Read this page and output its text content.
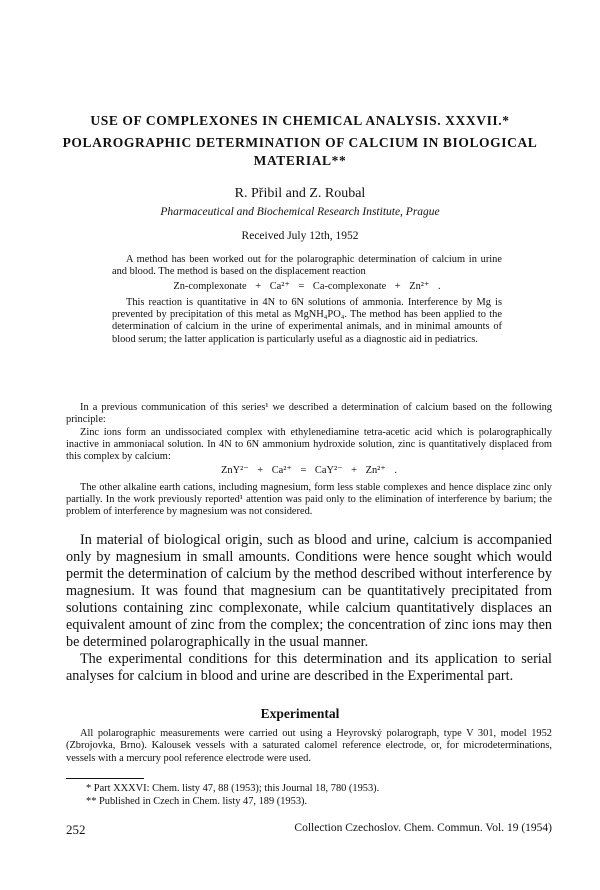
USE OF COMPLEXONES IN CHEMICAL ANALYSIS. XXXVII.*
POLAROGRAPHIC DETERMINATION OF CALCIUM IN BIOLOGICAL MATERIAL**
R. Přibil and Z. Roubal
Pharmaceutical and Biochemical Research Institute, Prague
Received July 12th, 1952

A method has been worked out for the polarographic determination of calcium in urine and blood. The method is based on the displacement reaction

Zn-complexonate + Ca²⁺ = Ca-complexonate + Zn²⁺ .

This reaction is quantitative in 4N to 6N solutions of ammonia. Interference by Mg is prevented by precipitation of this metal as MgNH₄PO₄. The method has been applied to the determination of calcium in the urine of experimental animals, and in minimal amounts of blood serum; the latter application is particularly useful as a diagnostic aid in pediatrics.

In a previous communication of this series¹ we described a determination of calcium based on the following principle:

Zinc ions form an undissociated complex with ethylenediamine tetra-acetic acid which is polarographically inactive in ammoniacal solution. In 4N to 6N ammonium hydroxide solution, zinc is quantitatively displaced from this complex by calcium:

ZnY²⁻ + Ca²⁺ = CaY²⁻ + Zn²⁺ .

The other alkaline earth cations, including magnesium, form less stable complexes and hence displace zinc only partially. In the work previously reported¹ attention was paid only to the elimination of interference by barium; the problem of interference by magnesium was not considered.

In material of biological origin, such as blood and urine, calcium is accompanied only by magnesium in small amounts. Conditions were hence sought which would permit the determination of calcium by the method described without interference by magnesium. It was found that magnesium can be quantitatively precipitated from solutions containing zinc complexonate, while calcium quantitatively displaces an equivalent amount of zinc from the complex; the concentration of zinc ions may then be determined polarographically in the usual manner.

The experimental conditions for this determination and its application to serial analyses for calcium in blood and urine are described in the Experimental part.

Experimental

All polarographic measurements were carried out using a Heyrovský polarograph, type V 301, model 1952 (Zbrojovka, Brno). Kalousek vessels with a saturated calomel reference electrode, or, for microdeterminations, vessels with a mercury pool reference electrode were used.

* Part XXXVI: Chem. listy 47, 88 (1953); this Journal 18, 780 (1953).
** Published in Czech in Chem. listy 47, 189 (1953).
252	Collection Czechoslov. Chem. Commun. Vol. 19 (1954)
